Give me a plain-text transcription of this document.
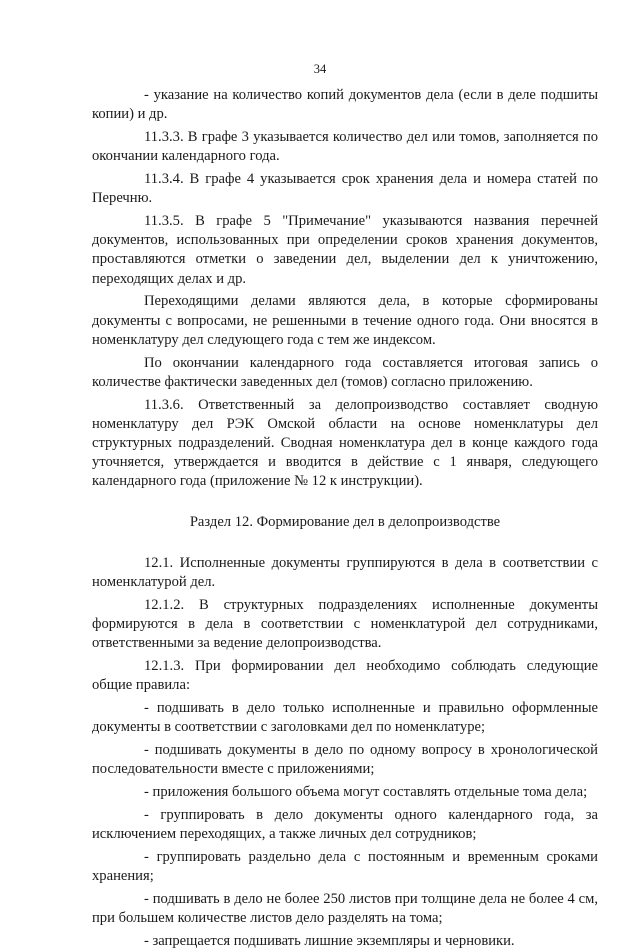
34

- указание на количество копий документов дела (если в деле подшиты копии) и др.

11.3.3. В графе 3 указывается количество дел или томов, заполняется по окончании календарного года.

11.3.4. В графе 4 указывается срок хранения дела и номера статей по Перечню.

11.3.5. В графе 5 "Примечание" указываются названия перечней документов, использованных при определении сроков хранения документов, проставляются отметки о заведении дел, выделении дел к уничтожению, переходящих делах и др.

Переходящими делами являются дела, в которые сформированы документы с вопросами, не решенными в течение одного года. Они вносятся в номенклатуру дел следующего года с тем же индексом.

По окончании календарного года составляется итоговая запись о количестве фактически заведенных дел (томов) согласно приложению.

11.3.6. Ответственный за делопроизводство составляет сводную номенклатуру дел РЭК Омской области на основе номенклатуры дел структурных подразделений. Сводная номенклатура дел в конце каждого года уточняется, утверждается и вводится в действие с 1 января, следующего календарного года (приложение № 12 к инструкции).

Раздел 12. Формирование дел в делопроизводстве

12.1. Исполненные документы группируются в дела в соответствии с номенклатурой дел.

12.1.2. В структурных подразделениях исполненные документы формируются в дела в соответствии с номенклатурой дел сотрудниками, ответственными за ведение делопроизводства.

12.1.3. При формировании дел необходимо соблюдать следующие общие правила:

- подшивать в дело только исполненные и правильно оформленные документы в соответствии с заголовками дел по номенклатуре;

- подшивать документы в дело по одному вопросу в хронологической последовательности вместе с приложениями;

- приложения большого объема могут составлять отдельные тома дела;

- группировать в дело документы одного календарного года, за исключением переходящих, а также личных дел сотрудников;

- группировать раздельно дела с постоянным и временным сроками хранения;

- подшивать в дело не более 250 листов при толщине дела не более 4 см, при большем количестве листов дело разделять на тома;

- запрещается подшивать лишние экземпляры и черновики.
